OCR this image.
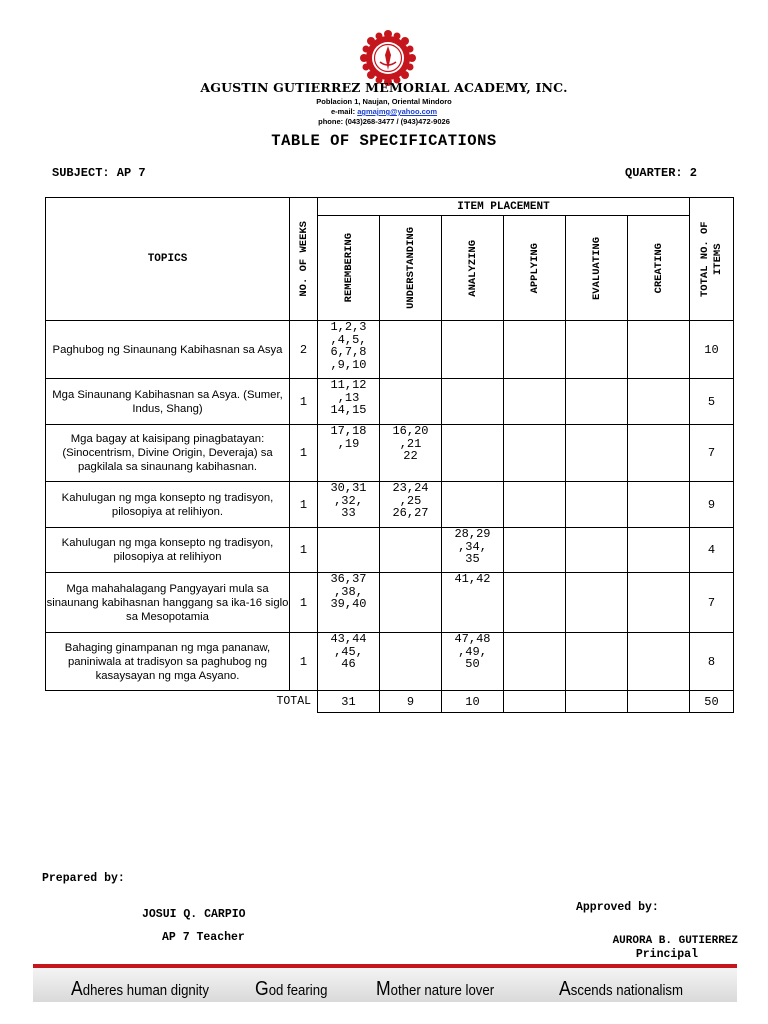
AGUSTIN GUTIERREZ MEMORIAL ACADEMY, INC.
Poblacion 1, Naujan, Oriental Mindoro
e-mail: agmajmg@yahoo.com
phone: (043)268-3477 / (943)472-9026
TABLE OF SPECIFICATIONS
SUBJECT: AP 7	QUARTER: 2
TOPICS	NO. OF WEEKS	ITEM PLACEMENT						TOTAL NO. OF ITEMS

		REMEMBERING	UNDERSTANDING	ANALYZING	APPLYING	EVALUATING	CREATING	

Paghubog ng Sinaunang Kabihasnan sa Asya	2	1,2,3
,4,5,
6,7,8
,9,10						10
Mga Sinaunang Kabihasnan sa Asya. (Sumer, Indus, Shang)	1	11,12
,13
14,15						5
Mga bagay at kaisipang pinagbatayan: (Sinocentrism, Divine Origin, Deveraja) sa pagkilala sa sinaunang kabihasnan.	1	17,18
,19	16,20
,21
22					7
Kahulugan ng mga konsepto ng tradisyon, pilosopiya at relihiyon.	1	30,31
,32,
33	23,24
,25
26,27					9
Kahulugan ng mga konsepto ng tradisyon, pilosopiya at relihiyon	1			28,29
,34,
35				4
Mga mahahalagang Pangyayari mula sa sinaunang kabihasnan hanggang sa ika-16 siglo sa Mesopotamia	1	36,37
,38,
39,40		41,42				7
Bahaging ginampanan ng mga pananaw, paniniwala at tradisyon sa paghubog ng kasaysayan ng mga Asyano.	1	43,44
,45,
46		47,48
,49,
50				8
TOTAL		31	9	10				50
Prepared by:
JOSUI Q. CARPIO
AP 7 Teacher
Approved by:
AURORA B. GUTIERREZ
Principal
Adheres human dignity God fearing Mother nature lover	Ascends nationalism
